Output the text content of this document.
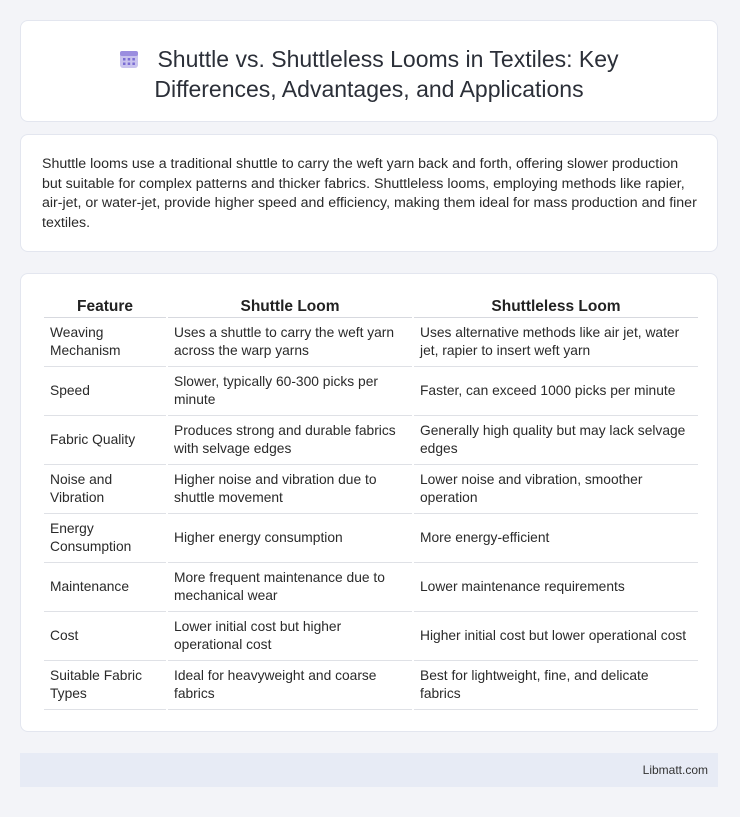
Shuttle vs. Shuttleless Looms in Textiles: Key
Differences, Advantages, and Applications
Shuttle looms use a traditional shuttle to carry the weft yarn back and forth, offering slower production but suitable for complex patterns and thicker fabrics. Shuttleless looms, employing methods like rapier, air-jet, or water-jet, provide higher speed and efficiency, making them ideal for mass production and finer textiles.
Feature	Shuttle Loom	Shuttleless Loom
Weaving Mechanism	Uses a shuttle to carry the weft yarn across the warp yarns	Uses alternative methods like air jet, water jet, rapier to insert weft yarn
Speed	Slower, typically 60-300 picks per minute	Faster, can exceed 1000 picks per minute
Fabric Quality	Produces strong and durable fabrics with selvage edges	Generally high quality but may lack selvage edges
Noise and Vibration	Higher noise and vibration due to shuttle movement	Lower noise and vibration, smoother operation
Energy Consumption	Higher energy consumption	More energy-efficient
Maintenance	More frequent maintenance due to mechanical wear	Lower maintenance requirements
Cost	Lower initial cost but higher operational cost	Higher initial cost but lower operational cost
Suitable Fabric Types	Ideal for heavyweight and coarse fabrics	Best for lightweight, fine, and delicate fabrics
Libmatt.com
